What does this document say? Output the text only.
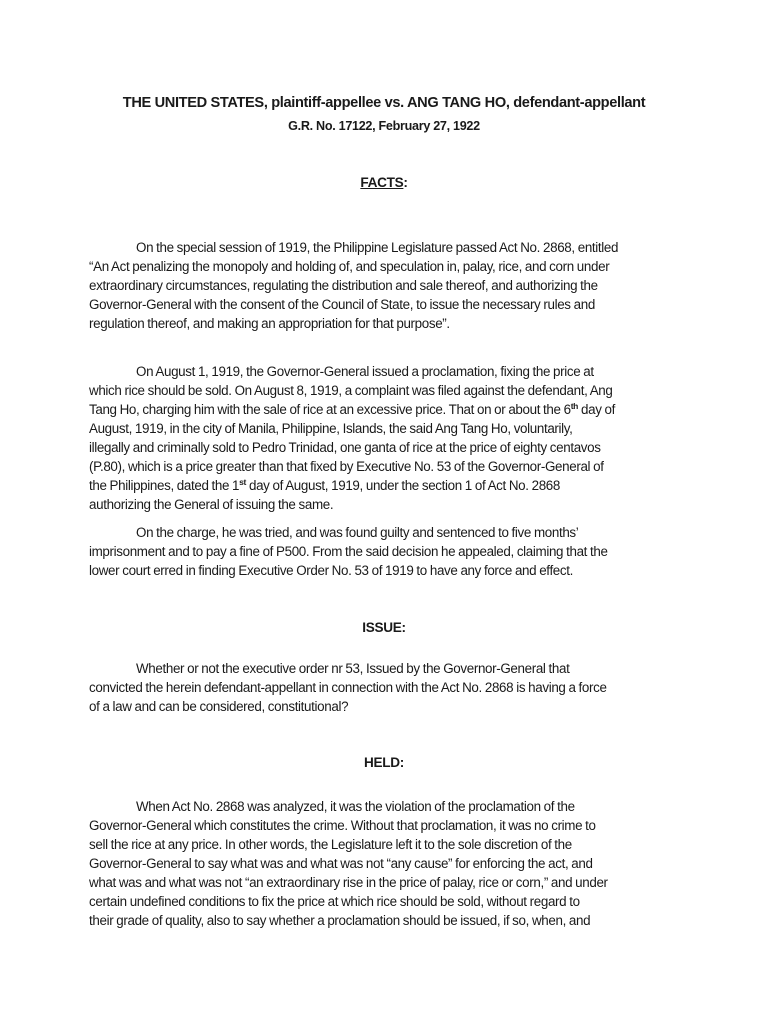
THE UNITED STATES, plaintiff-appellee vs. ANG TANG HO, defendant-appellant
G.R. No. 17122, February 27, 1922
FACTS:
On the special session of 1919, the Philippine Legislature passed Act No. 2868, entitled
“An Act penalizing the monopoly and holding of, and speculation in, palay, rice, and corn under
extraordinary circumstances, regulating the distribution and sale thereof, and authorizing the
Governor-General with the consent of the Council of State, to issue the necessary rules and
regulation thereof, and making an appropriation for that purpose”.
On August 1, 1919, the Governor-General issued a proclamation, fixing the price at
which rice should be sold. On August 8, 1919, a complaint was filed against the defendant, Ang
Tang Ho, charging him with the sale of rice at an excessive price. That on or about the 6th day of
August, 1919, in the city of Manila, Philippine, Islands, the said Ang Tang Ho, voluntarily,
illegally and criminally sold to Pedro Trinidad, one ganta of rice at the price of eighty centavos
(P.80), which is a price greater than that fixed by Executive No. 53 of the Governor-General of
the Philippines, dated the 1st day of August, 1919, under the section 1 of Act No. 2868
authorizing the General of issuing the same.
On the charge, he was tried, and was found guilty and sentenced to five months’
imprisonment and to pay a fine of P500. From the said decision he appealed, claiming that the
lower court erred in finding Executive Order No. 53 of 1919 to have any force and effect.
ISSUE:
Whether or not the executive order nr 53, Issued by the Governor-General that
convicted the herein defendant-appellant in connection with the Act No. 2868 is having a force
of a law and can be considered, constitutional?
HELD:
When Act No. 2868 was analyzed, it was the violation of the proclamation of the
Governor-General which constitutes the crime. Without that proclamation, it was no crime to
sell the rice at any price. In other words, the Legislature left it to the sole discretion of the
Governor-General to say what was and what was not “any cause” for enforcing the act, and
what was and what was not “an extraordinary rise in the price of palay, rice or corn,” and under
certain undefined conditions to fix the price at which rice should be sold, without regard to
their grade of quality, also to say whether a proclamation should be issued, if so, when, and
